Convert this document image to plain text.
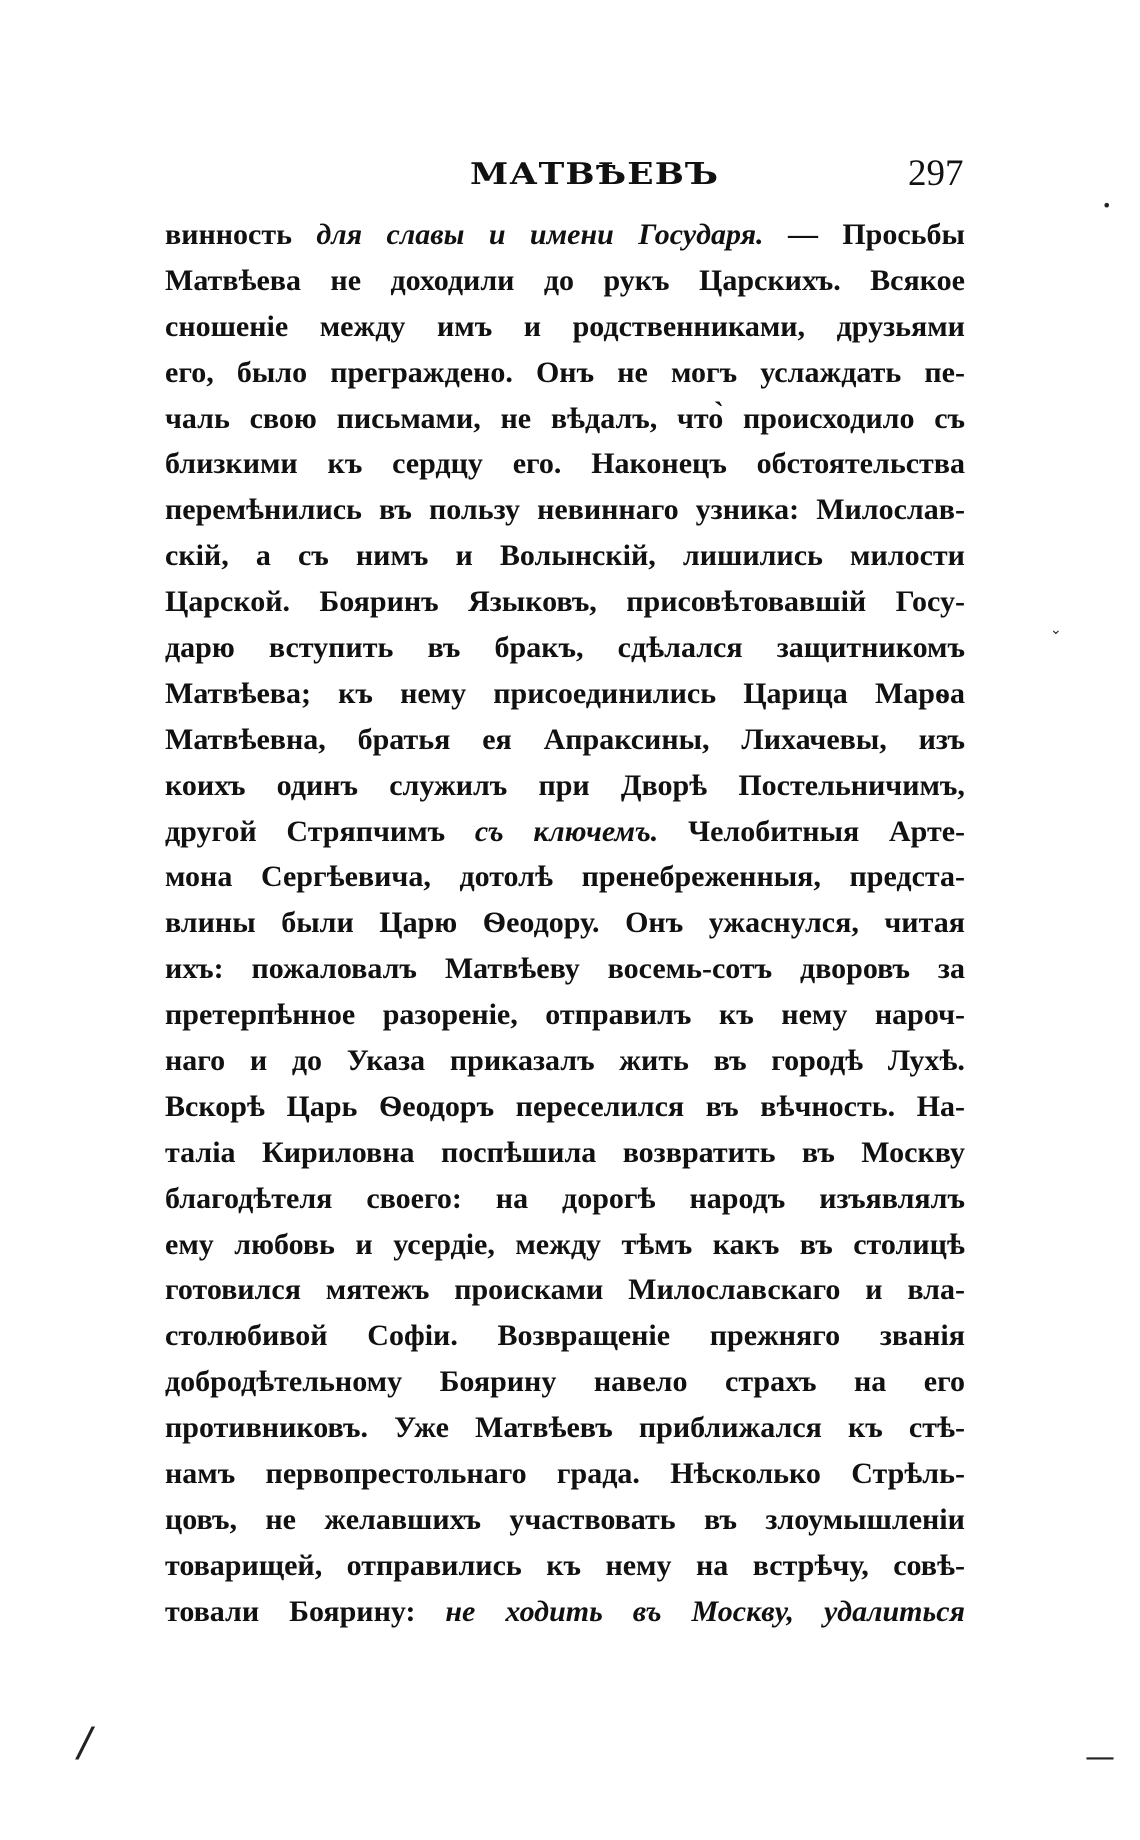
МАТВѢЕВЪ	297
винность для славы и имени Государя. — Просьбы
Матвѣева не доходили до рукъ Царскихъ. Всякое
сношеніе между имъ и родственниками, друзьями
его, было преграждено. Онъ не могъ услаждать пе-
чаль свою письмами, не вѣдалъ, что̀ происходило съ
близкими къ сердцу его. Наконецъ обстоятельства
перемѣнились въ пользу невиннаго узника: Милослав-
скій, а съ нимъ и Волынскій, лишились милости
Царской. Бояринъ Языковъ, присовѣтовавшій Госу-
дарю вступить въ бракъ, сдѣлался защитникомъ
Матвѣева; къ нему присоединились Царица Марѳа
Матвѣевна, братья ея Апраксины, Лихачевы, изъ
коихъ одинъ служилъ при Дворѣ Постельничимъ,
другой Стряпчимъ съ ключемъ. Челобитныя Арте-
мона Сергѣевича, дотолѣ пренебреженныя, предста-
влины были Царю Ѳеодору. Онъ ужаснулся, читая
ихъ: пожаловалъ Матвѣеву восемь-сотъ дворовъ за
претерпѣнное разореніе, отправилъ къ нему нароч-
наго и до Указа приказалъ жить въ городѣ Лухѣ.
Вскорѣ Царь Ѳеодоръ переселился въ вѣчность. На-
таліа Кириловна поспѣшила возвратить въ Москву
благодѣтеля своего: на дорогѣ народъ изъявлялъ
ему любовь и усердіе, между тѣмъ какъ въ столицѣ
готовился мятежъ происками Милославскаго и вла-
столюбивой Софіи. Возвращеніе прежняго званія
добродѣтельному Боярину навело страхъ на его
противниковъ. Уже Матвѣевъ приближался къ стѣ-
намъ первопрестольнаго града. Нѣсколько Стрѣль-
цовъ, не желавшихъ участвовать въ злоумышленіи
товарищей, отправились къ нему на встрѣчу, совѣ-
товали Боярину: не ходить въ Москву, удалиться
•
⌄
/	—
